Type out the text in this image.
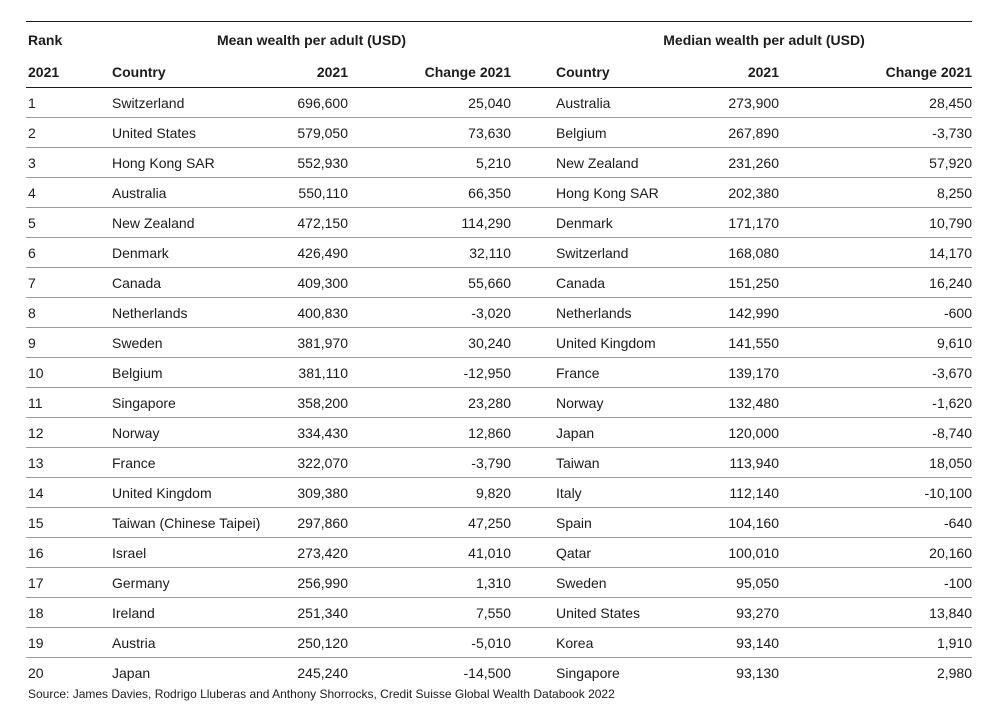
Rank	Mean wealth per adult (USD)	Median wealth per adult (USD)
2021	Country	2021	Change 2021	Country	2021	Change 2021
1	Switzerland	696,600	25,040	Australia	273,900	28,450
2	United States	579,050	73,630	Belgium	267,890	-3,730
3	Hong Kong SAR	552,930	5,210	New Zealand	231,260	57,920
4	Australia	550,110	66,350	Hong Kong SAR	202,380	8,250
5	New Zealand	472,150	114,290	Denmark	171,170	10,790
6	Denmark	426,490	32,110	Switzerland	168,080	14,170
7	Canada	409,300	55,660	Canada	151,250	16,240
8	Netherlands	400,830	-3,020	Netherlands	142,990	-600
9	Sweden	381,970	30,240	United Kingdom	141,550	9,610
10	Belgium	381,110	-12,950	France	139,170	-3,670
11	Singapore	358,200	23,280	Norway	132,480	-1,620
12	Norway	334,430	12,860	Japan	120,000	-8,740
13	France	322,070	-3,790	Taiwan	113,940	18,050
14	United Kingdom	309,380	9,820	Italy	112,140	-10,100
15	Taiwan (Chinese Taipei)	297,860	47,250	Spain	104,160	-640
16	Israel	273,420	41,010	Qatar	100,010	20,160
17	Germany	256,990	1,310	Sweden	95,050	-100
18	Ireland	251,340	7,550	United States	93,270	13,840
19	Austria	250,120	-5,010	Korea	93,140	1,910
20	Japan	245,240	-14,500	Singapore	93,130	2,980
Source: James Davies, Rodrigo Lluberas and Anthony Shorrocks, Credit Suisse Global Wealth Databook 2022
